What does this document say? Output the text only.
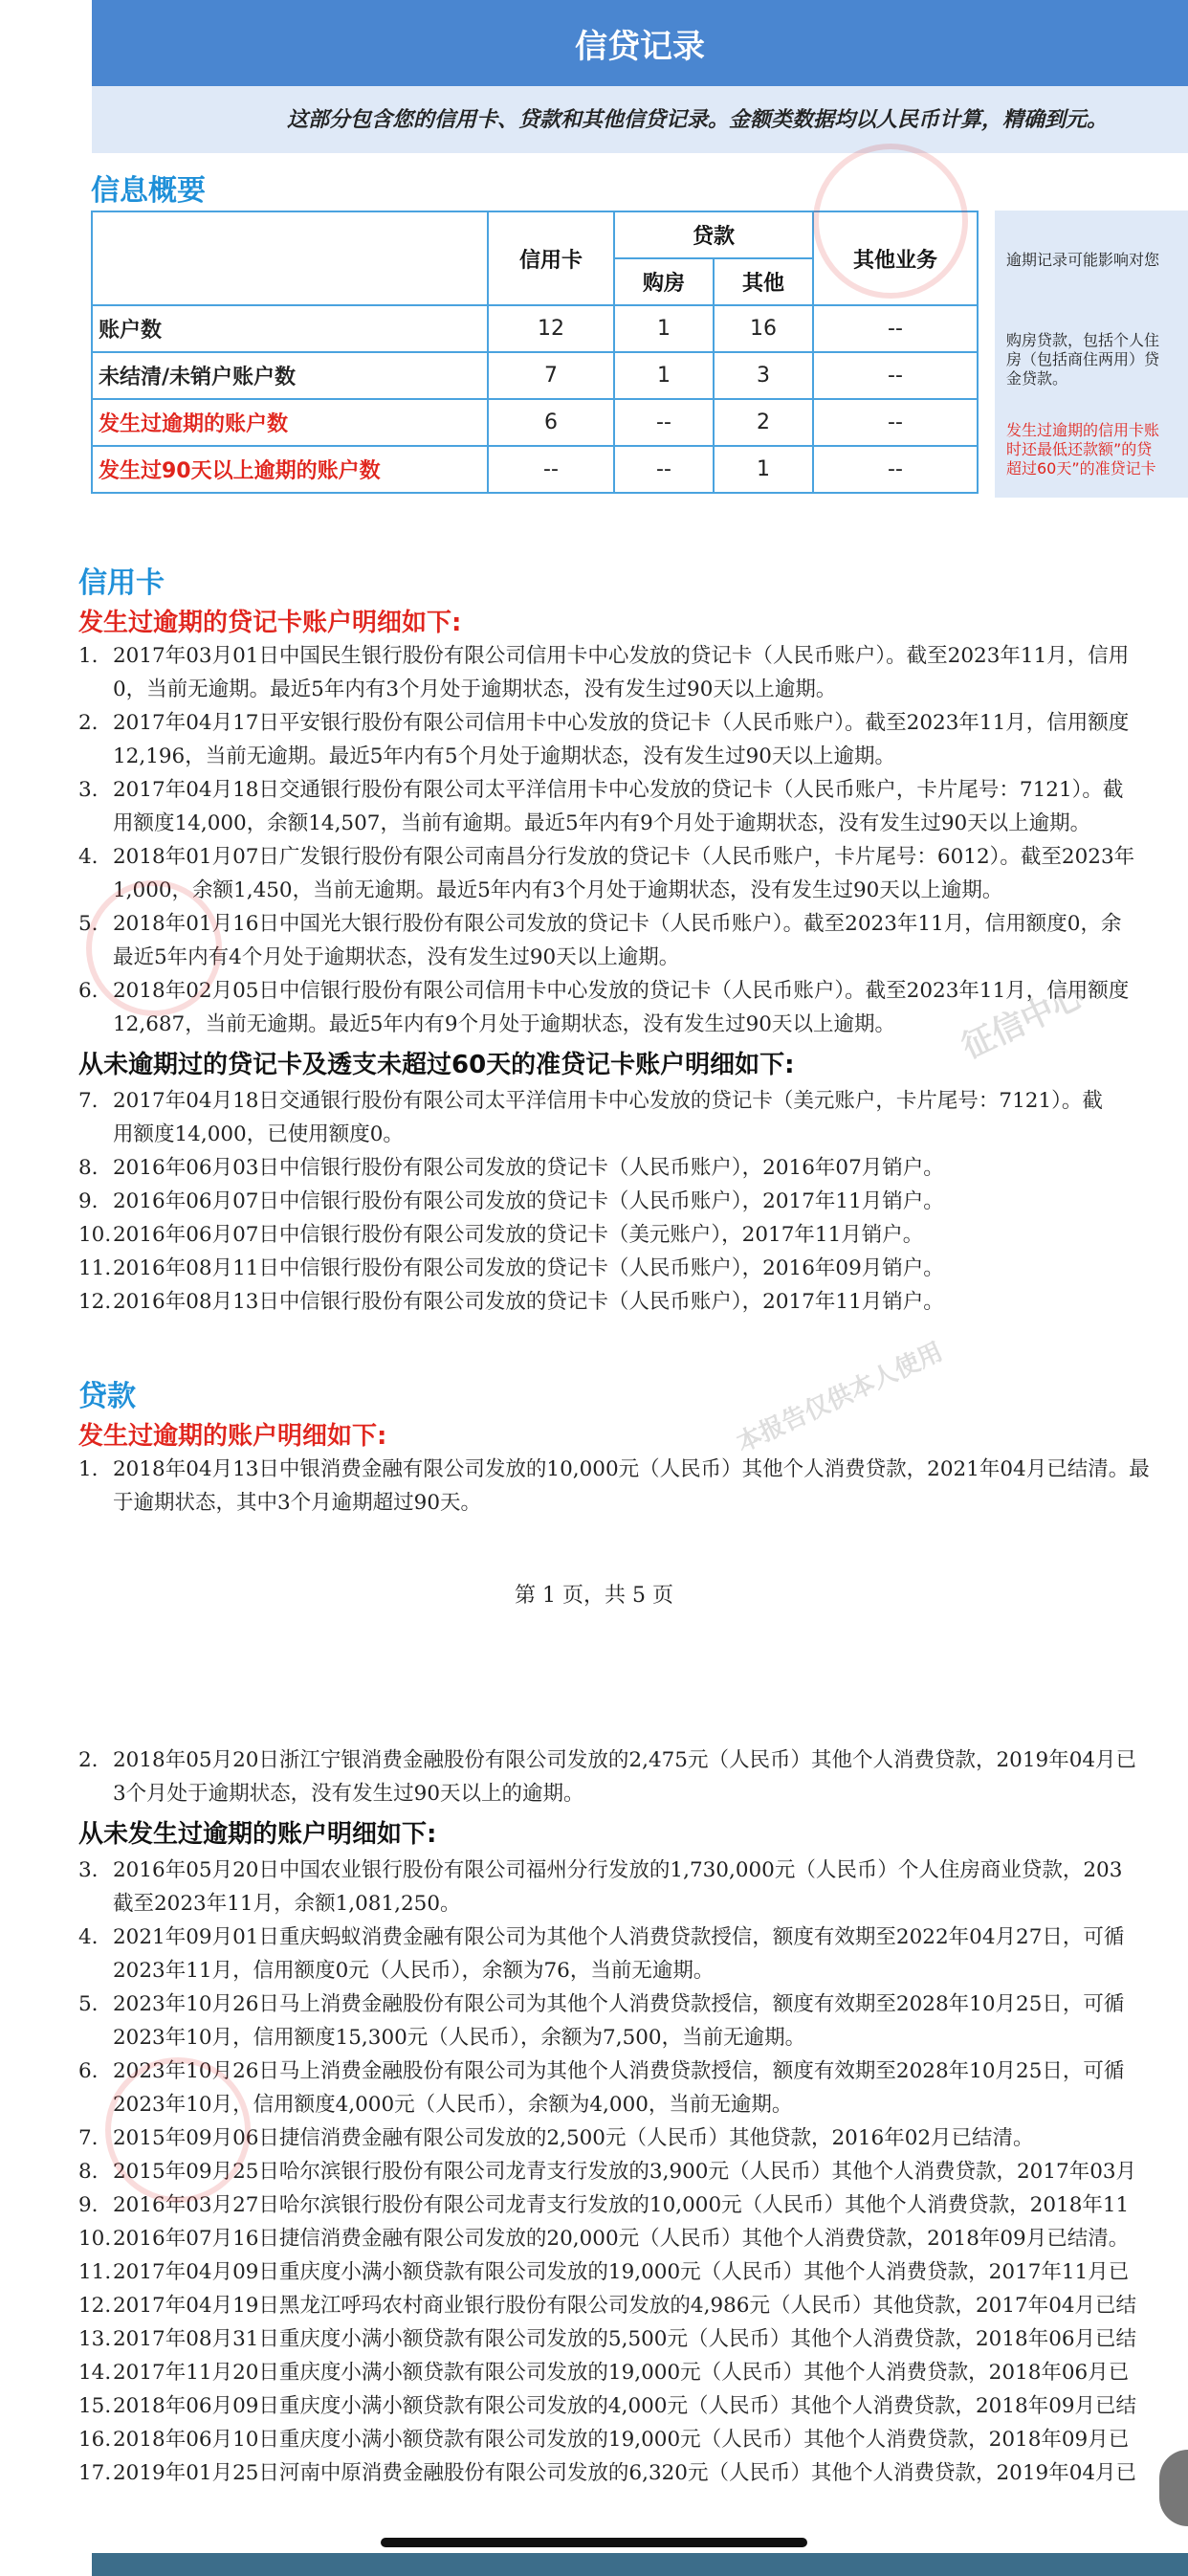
信贷记录
这部分包含您的信用卡、贷款和其他信贷记录。金额类数据均以人民币计算，精确到元。
信息概要
	信用卡	贷款		其他业务
		购房	其他	
账户数	12	1	16	--
未结清/未销户账户数	7	1	3	--
发生过逾期的账户数	6	--	2	--
发生过90天以上逾期的账户数	--	--	1	--
逾期记录可能影响对您
购房贷款，包括个人住
房（包括商住两用）贷
金贷款。
发生过逾期的信用卡账
时还最低还款额”的贷
超过60天”的准贷记卡
信用卡
发生过逾期的贷记卡账户明细如下:
1. 2017年03月01日中国民生银行股份有限公司信用卡中心发放的贷记卡（人民币账户）。截至2023年11月，信用
0，当前无逾期。最近5年内有3个月处于逾期状态，没有发生过90天以上逾期。
2. 2017年04月17日平安银行股份有限公司信用卡中心发放的贷记卡（人民币账户）。截至2023年11月，信用额度
12,196，当前无逾期。最近5年内有5个月处于逾期状态，没有发生过90天以上逾期。
3. 2017年04月18日交通银行股份有限公司太平洋信用卡中心发放的贷记卡（人民币账户，卡片尾号：7121）。截
用额度14,000，余额14,507，当前有逾期。最近5年内有9个月处于逾期状态，没有发生过90天以上逾期。
4. 2018年01月07日广发银行股份有限公司南昌分行发放的贷记卡（人民币账户，卡片尾号：6012）。截至2023年
1,000，余额1,450，当前无逾期。最近5年内有3个月处于逾期状态，没有发生过90天以上逾期。
5. 2018年01月16日中国光大银行股份有限公司发放的贷记卡（人民币账户）。截至2023年11月，信用额度0，余
最近5年内有4个月处于逾期状态，没有发生过90天以上逾期。
6. 2018年02月05日中信银行股份有限公司信用卡中心发放的贷记卡（人民币账户）。截至2023年11月，信用额度
12,687，当前无逾期。最近5年内有9个月处于逾期状态，没有发生过90天以上逾期。
从未逾期过的贷记卡及透支未超过60天的准贷记卡账户明细如下:
7. 2017年04月18日交通银行股份有限公司太平洋信用卡中心发放的贷记卡（美元账户，卡片尾号：7121）。截
用额度14,000，已使用额度0。
8. 2016年06月03日中信银行股份有限公司发放的贷记卡（人民币账户），2016年07月销户。
9. 2016年06月07日中信银行股份有限公司发放的贷记卡（人民币账户），2017年11月销户。
10.2016年06月07日中信银行股份有限公司发放的贷记卡（美元账户），2017年11月销户。
11.2016年08月11日中信银行股份有限公司发放的贷记卡（人民币账户），2016年09月销户。
12.2016年08月13日中信银行股份有限公司发放的贷记卡（人民币账户），2017年11月销户。
贷款
发生过逾期的账户明细如下:
1. 2018年04月13日中银消费金融有限公司发放的10,000元（人民币）其他个人消费贷款，2021年04月已结清。最
于逾期状态，其中3个月逾期超过90天。
第 1 页，共 5 页
2. 2018年05月20日浙江宁银消费金融股份有限公司发放的2,475元（人民币）其他个人消费贷款，2019年04月已
3个月处于逾期状态，没有发生过90天以上的逾期。
从未发生过逾期的账户明细如下:
3. 2016年05月20日中国农业银行股份有限公司福州分行发放的1,730,000元（人民币）个人住房商业贷款，203
截至2023年11月，余额1,081,250。
4. 2021年09月01日重庆蚂蚁消费金融有限公司为其他个人消费贷款授信，额度有效期至2022年04月27日，可循
2023年11月，信用额度0元（人民币），余额为76，当前无逾期。
5. 2023年10月26日马上消费金融股份有限公司为其他个人消费贷款授信，额度有效期至2028年10月25日，可循
2023年10月，信用额度15,300元（人民币），余额为7,500，当前无逾期。
6. 2023年10月26日马上消费金融股份有限公司为其他个人消费贷款授信，额度有效期至2028年10月25日，可循
2023年10月，信用额度4,000元（人民币），余额为4,000，当前无逾期。
7. 2015年09月06日捷信消费金融有限公司发放的2,500元（人民币）其他贷款，2016年02月已结清。
8. 2015年09月25日哈尔滨银行股份有限公司龙青支行发放的3,900元（人民币）其他个人消费贷款，2017年03月
9. 2016年03月27日哈尔滨银行股份有限公司龙青支行发放的10,000元（人民币）其他个人消费贷款，2018年11
10.2016年07月16日捷信消费金融有限公司发放的20,000元（人民币）其他个人消费贷款，2018年09月已结清。
11.2017年04月09日重庆度小满小额贷款有限公司发放的19,000元（人民币）其他个人消费贷款，2017年11月已
12.2017年04月19日黑龙江呼玛农村商业银行股份有限公司发放的4,986元（人民币）其他贷款，2017年04月已结
13.2017年08月31日重庆度小满小额贷款有限公司发放的5,500元（人民币）其他个人消费贷款，2018年06月已结
14.2017年11月20日重庆度小满小额贷款有限公司发放的19,000元（人民币）其他个人消费贷款，2018年06月已
15.2018年06月09日重庆度小满小额贷款有限公司发放的4,000元（人民币）其他个人消费贷款，2018年09月已结
16.2018年06月10日重庆度小满小额贷款有限公司发放的19,000元（人民币）其他个人消费贷款，2018年09月已
17.2019年01月25日河南中原消费金融股份有限公司发放的6,320元（人民币）其他个人消费贷款，2019年04月已
征信中心
本报告仅供本人使用
